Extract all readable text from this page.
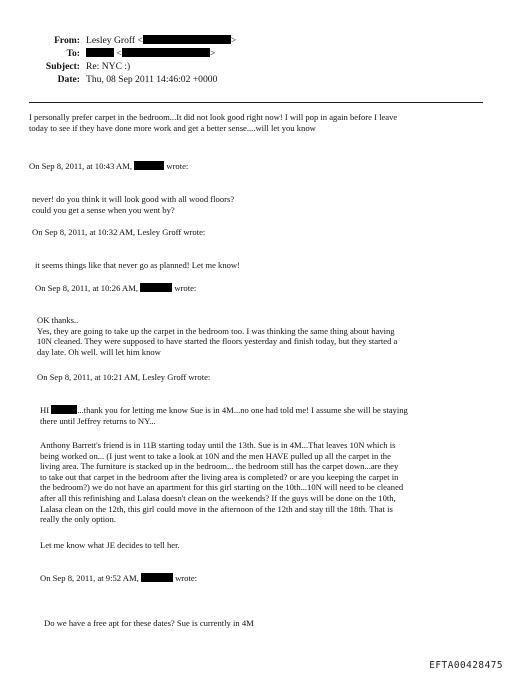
From: Lesley Groff <	>
To:	<	>
Subject: Re: NYC :)
Date: Thu, 08 Sep 2011 14:46:02 +0000
I personally prefer carpet in the bedroom...It did not look good right now! I will pop in again before I leave
today to see if they have done more work and get a better sense....will let you know
On Sep 8, 2011, at 10:43 AM,	wrote:
never! do you think it will look good with all wood floors?
could you get a sense when you went by?
On Sep 8, 2011, at 10:32 AM, Lesley Groff wrote:
it seems things like that never go as planned! Let me know!
On Sep 8, 2011, at 10:26 AM,	wrote:
OK thanks..
Yes, they are going to take up the carpet in the bedroom too. I was thinking the same thing about having
10N cleaned. They were supposed to have started the floors yesterday and finish today, but they started a
day late. Oh well. will let him know
On Sep 8, 2011, at 10:21 AM, Lesley Groff wrote:
HI	...thank you for letting me know Sue is in 4M...no one had told me! I assume she will be staying
there until Jeffrey returns to NY...
Anthony Barrett's friend is in 11B starting today until the 13th. Sue is in 4M...That leaves 10N which is
being worked on... (I just went to take a look at 10N and the men HAVE pulled up all the carpet in the
living area. The furniture is stacked up in the bedroom... the bedroom still has the carpet down...are they
to take out that carpet in the bedroom after the living area is completed? or are you keeping the carpet in
the bedroom?) we do not have an apartment for this girl starting on the 10th...10N will need to be cleaned
after all this refinishing and Lalasa doesn't clean on the weekends? If the guys will be done on the 10th,
Lalasa clean on the 12th, this girl could move in the afternoon of the 12th and stay till the 18th. That is
really the only option.
Let me know what JE decides to tell her.
On Sep 8, 2011, at 9:52 AM,	wrote:
Do we have a free apt for these dates? Sue is currently in 4M
EFTA00428475
